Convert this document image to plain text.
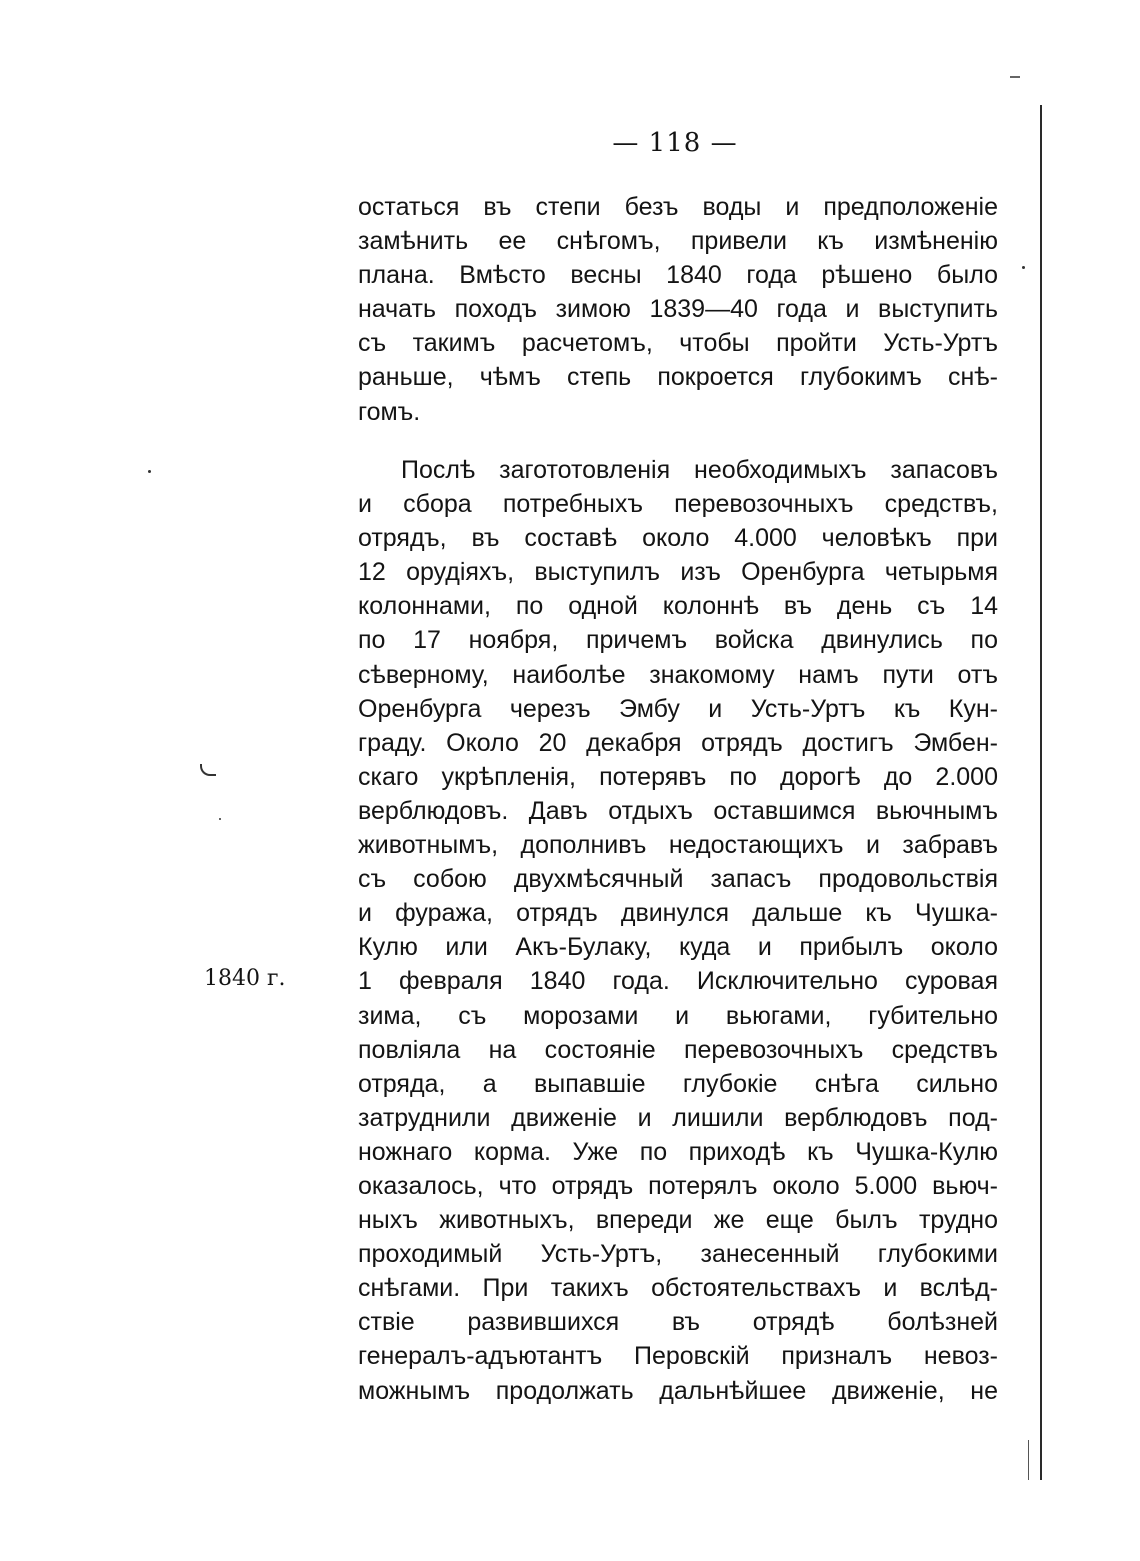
— 118 —
остаться въ степи безъ воды и предположеніе
замѣнить ее снѣгомъ, привели къ измѣненію
плана. Вмѣсто весны 1840 года рѣшено было
начать походъ зимою 1839—40 года и выступить
съ такимъ расчетомъ, чтобы пройти Усть-Уртъ
раньше, чѣмъ степь покроется глубокимъ снѣ-
гомъ.
Послѣ загототовленія необходимыхъ запасовъ
и сбора потребныхъ перевозочныхъ средствъ,
отрядъ, въ составѣ около 4.000 человѣкъ при
12 орудіяхъ, выступилъ изъ Оренбурга четырьмя
колоннами, по одной колоннѣ въ день съ 14
по 17 ноября, причемъ войска двинулись по
сѣверному, наиболѣе знакомому намъ пути отъ
Оренбурга черезъ Эмбу и Усть-Уртъ къ Кун-
граду. Около 20 декабря отрядъ достигъ Эмбен-
скаго укрѣпленія, потерявъ по дорогѣ до 2.000
верблюдовъ. Давъ отдыхъ оставшимся вьючнымъ
животнымъ, дополнивъ недостающихъ и забравъ
съ собою двухмѣсячный запасъ продовольствія
и фуража, отрядъ двинулся дальше къ Чушка-
Кулю или Акъ-Булаку, куда и прибылъ около
1 февраля 1840 года. Исключительно суровая
зима, съ морозами и вьюгами, губительно
повліяла на состояніе перевозочныхъ средствъ
отряда, а выпавшіе глубокіе снѣга сильно
затруднили движеніе и лишили верблюдовъ под-
ножнаго корма. Уже по приходѣ къ Чушка-Кулю
оказалось, что отрядъ потерялъ около 5.000 вьюч-
ныхъ животныхъ, впереди же еще былъ трудно
проходимый Усть-Уртъ, занесенный глубокими
снѣгами. При такихъ обстоятельствахъ и вслѣд-
ствіе развившихся въ отрядѣ болѣзней
генералъ-адъютантъ Перовскій призналъ невоз-
можнымъ продолжать дальнѣйшее движеніе, не
1840 г.
